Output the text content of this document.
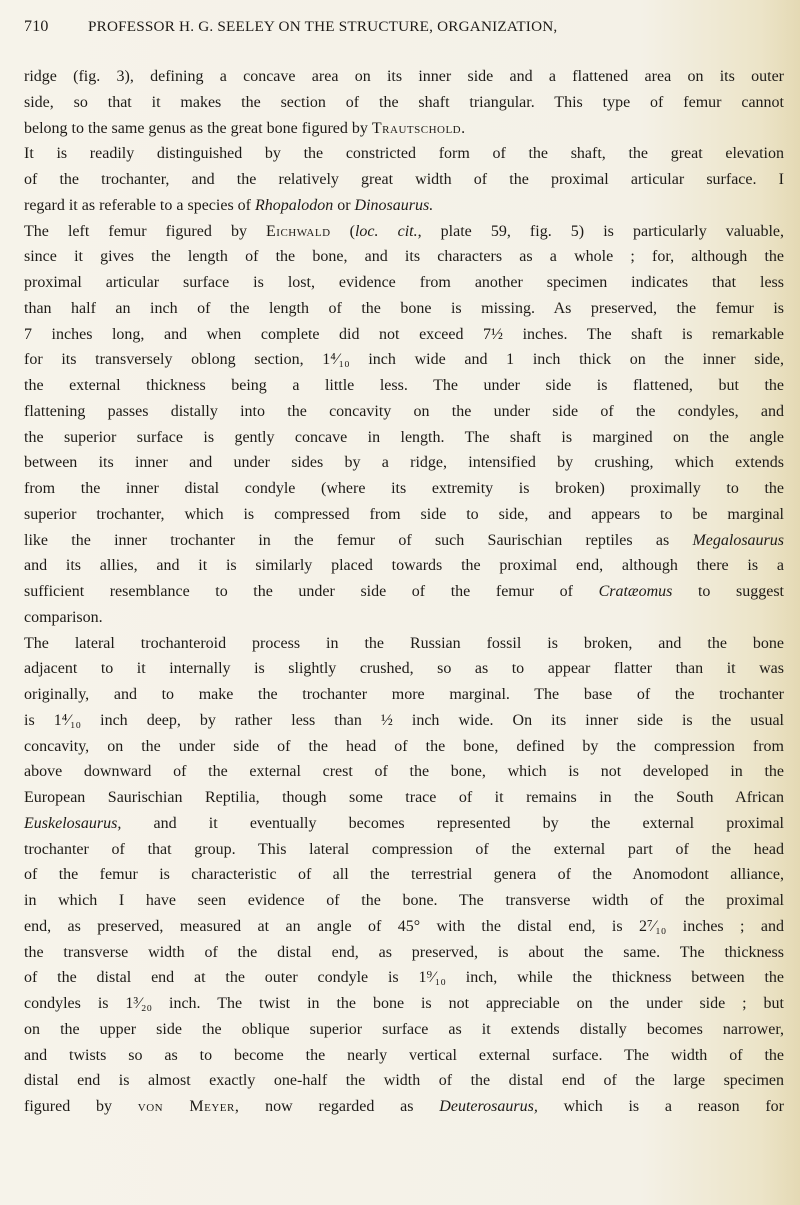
710	PROFESSOR H. G. SEELEY ON THE STRUCTURE, ORGANIZATION,
ridge (fig. 3), defining a concave area on its inner side and a flattened area on its outer
side, so that it makes the section of the shaft triangular. This type of femur cannot
belong to the same genus as the great bone figured by Trautschold.
It is readily distinguished by the constricted form of the shaft, the great elevation
of the trochanter, and the relatively great width of the proximal articular surface. I
regard it as referable to a species of Rhopalodon or Dinosaurus.
The left femur figured by Eichwald (loc. cit., plate 59, fig. 5) is particularly valuable,
since it gives the length of the bone, and its characters as a whole ; for, although the
proximal articular surface is lost, evidence from another specimen indicates that less
than half an inch of the length of the bone is missing. As preserved, the femur is
7 inches long, and when complete did not exceed 7½ inches. The shaft is remarkable
for its transversely oblong section, 1⁴⁄₁₀ inch wide and 1 inch thick on the inner side,
the external thickness being a little less. The under side is flattened, but the
flattening passes distally into the concavity on the under side of the condyles, and
the superior surface is gently concave in length. The shaft is margined on the angle
between its inner and under sides by a ridge, intensified by crushing, which extends
from the inner distal condyle (where its extremity is broken) proximally to the
superior trochanter, which is compressed from side to side, and appears to be marginal
like the inner trochanter in the femur of such Saurischian reptiles as Megalosaurus
and its allies, and it is similarly placed towards the proximal end, although there is a
sufficient resemblance to the under side of the femur of Cratæomus to suggest
comparison.
The lateral trochanteroid process in the Russian fossil is broken, and the bone
adjacent to it internally is slightly crushed, so as to appear flatter than it was
originally, and to make the trochanter more marginal. The base of the trochanter
is 1⁴⁄₁₀ inch deep, by rather less than ½ inch wide. On its inner side is the usual
concavity, on the under side of the head of the bone, defined by the compression from
above downward of the external crest of the bone, which is not developed in the
European Saurischian Reptilia, though some trace of it remains in the South African
Euskelosaurus, and it eventually becomes represented by the external proximal
trochanter of that group. This lateral compression of the external part of the head
of the femur is characteristic of all the terrestrial genera of the Anomodont alliance,
in which I have seen evidence of the bone. The transverse width of the proximal
end, as preserved, measured at an angle of 45° with the distal end, is 2⁷⁄₁₀ inches ; and
the transverse width of the distal end, as preserved, is about the same. The thickness
of the distal end at the outer condyle is 1⁹⁄₁₀ inch, while the thickness between the
condyles is 1³⁄₂₀ inch. The twist in the bone is not appreciable on the under side ; but
on the upper side the oblique superior surface as it extends distally becomes narrower,
and twists so as to become the nearly vertical external surface. The width of the
distal end is almost exactly one-half the width of the distal end of the large specimen
figured by von Meyer, now regarded as Deuterosaurus, which is a reason for
